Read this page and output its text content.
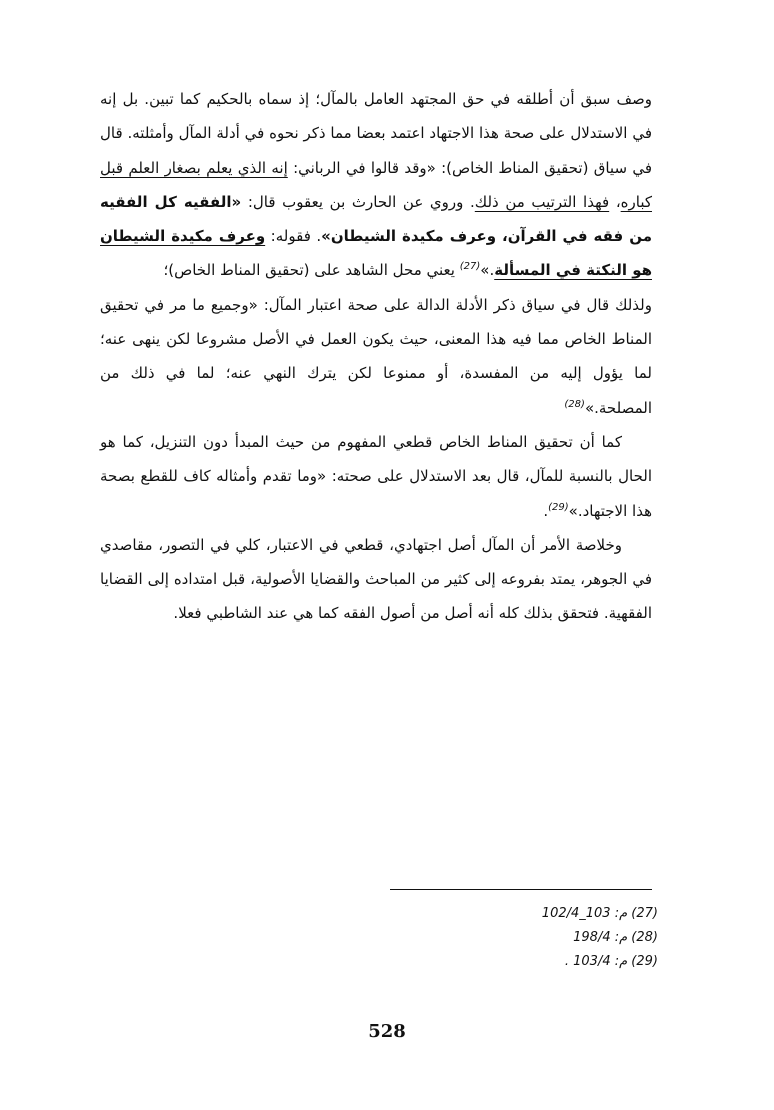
وصف سبق أن أطلقه في حق المجتهد العامل بالمآل؛ إذ سماه بالحكيم كما تبين. بل إنه في الاستدلال على صحة هذا الاجتهاد اعتمد بعضا مما ذكر نحوه في أدلة المآل وأمثلته. قال في سياق (تحقيق المناط الخاص): «وقد قالوا في الرباني: إنه الذي يعلم بصغار العلم قبل كباره، فهذا الترتيب من ذلك. وروي عن الحارث بن يعقوب قال: «الفقيه كل الفقيه من فقه في القرآن، وعرف مكيدة الشيطان». فقوله: وعرف مكيدة الشيطان هو النكتة في المسألة.»$^{(27)}$ يعني محل الشاهد على (تحقيق المناط الخاص)؛

ولذلك قال في سياق ذكر الأدلة الدالة على صحة اعتبار المآل: «وجميع ما مر في تحقيق المناط الخاص مما فيه هذا المعنى، حيث يكون العمل في الأصل مشروعا لكن ينهى عنه؛ لما يؤول إليه من المفسدة، أو ممنوعا لكن يترك النهي عنه؛ لما في ذلك من المصلحة.»$^{(28)}$

كما أن تحقيق المناط الخاص قطعي المفهوم من حيث المبدأ دون التنزيل، كما هو الحال بالنسبة للمآل، قال بعد الاستدلال على صحته: «وما تقدم وأمثاله كاف للقطع بصحة هذا الاجتهاد.»$^{(29)}$.

وخلاصة الأمر أن المآل أصل اجتهادي، قطعي في الاعتبار، كلي في التصور، مقاصدي في الجوهر، يمتد بفروعه إلى كثير من المباحث والقضايا الأصولية، قبل امتداده إلى القضايا الفقهية. فتحقق بذلك كله أنه أصل من أصول الفقه كما هي عند الشاطبي فعلا.

(27) م: 103_102/4
(28) م: 198/4
(29) م: 103/4 .
528
